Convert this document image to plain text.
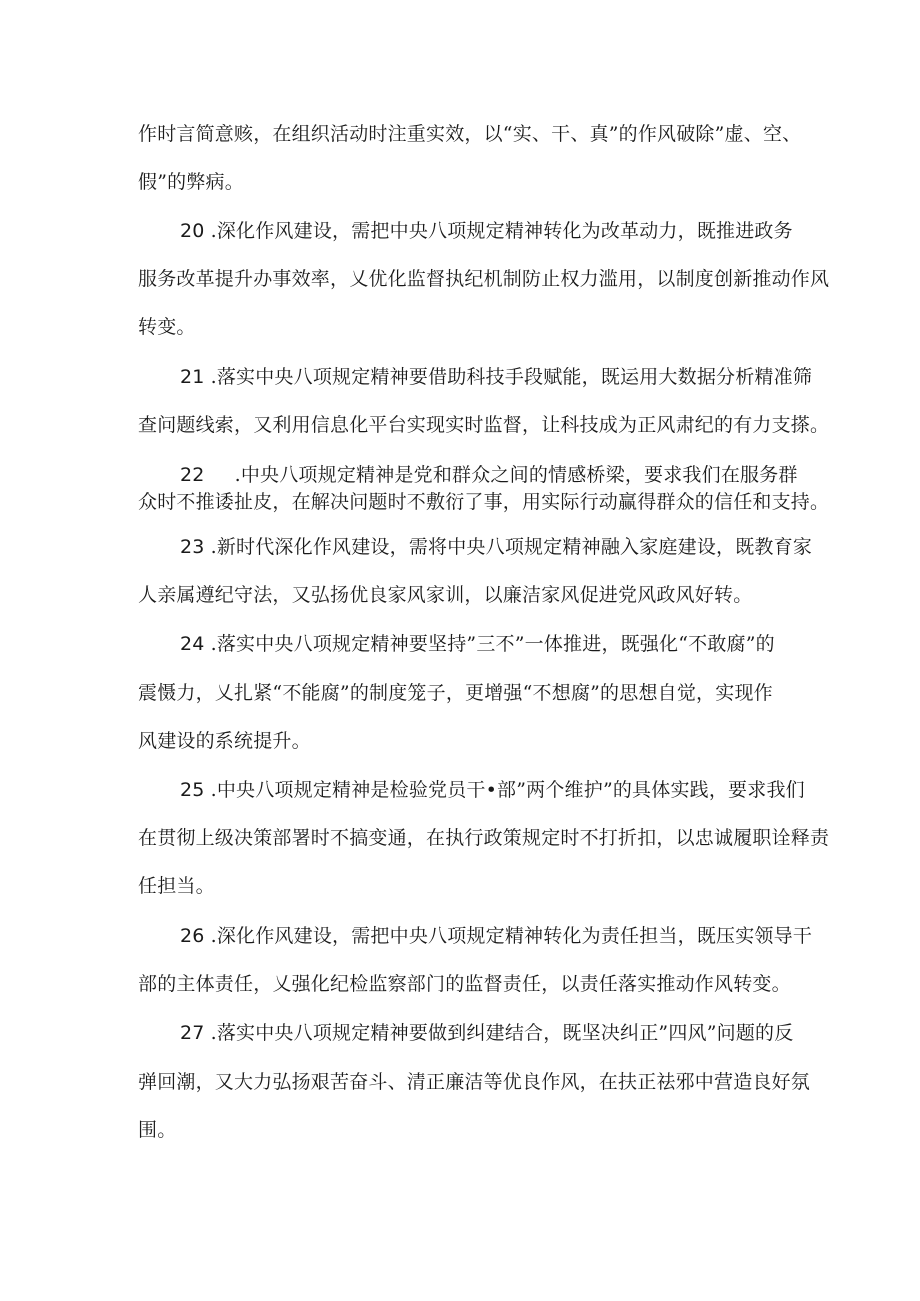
作时言简意赅，在组织活动时注重实效，以“实、干、真”的作风破除”虚、空、
假”的弊病。
20 .深化作风建设，需把中央八项规定精神转化为改革动力，既推进政务
服务改革提升办事效率，乂优化监督执纪机制防止权力滥用，以制度创新推动作风
转变。
21 .落实中央八项规定精神要借助科技手段赋能，既运用大数据分析精准筛
查问题线索，又利用信息化平台实现实时监督，让科技成为正风肃纪的有力支搽。
22 .中央八项规定精神是党和群众之间的情感桥梁，要求我们在服务群
众时不推诿扯皮，在解决问题时不敷衍了事，用实际行动赢得群众的信任和支持。
23 .新时代深化作风建设，需将中央八项规定精神融入家庭建设，既教育家
人亲属遵纪守法，又弘扬优良家风家训，以廉洁家风促进党风政风好转。
24 .落实中央八项规定精神要坚持”三不”一体推进，既强化“不敢腐”的
震慑力，乂扎紧“不能腐”的制度笼子，更增强“不想腐”的思想自觉，实现作
风建设的系统提升。
25 .中央八项规定精神是检验党员干•部”两个维护”的具体实践，要求我们
在贯彻上级决策部署时不搞变通，在执行政策规定时不打折扣，以忠诚履职诠释责
任担当。
26 .深化作风建设，需把中央八项规定精神转化为责任担当，既压实领导干
部的主体责任，乂强化纪检监察部门的监督责任，以责任落实推动作风转变。
27 .落实中央八项规定精神要做到纠建结合，既坚决纠正”四风”问题的反
弹回潮，又大力弘扬艰苦奋斗、清正廉洁等优良作风，在扶正祛邪中营造良好氛
围。
